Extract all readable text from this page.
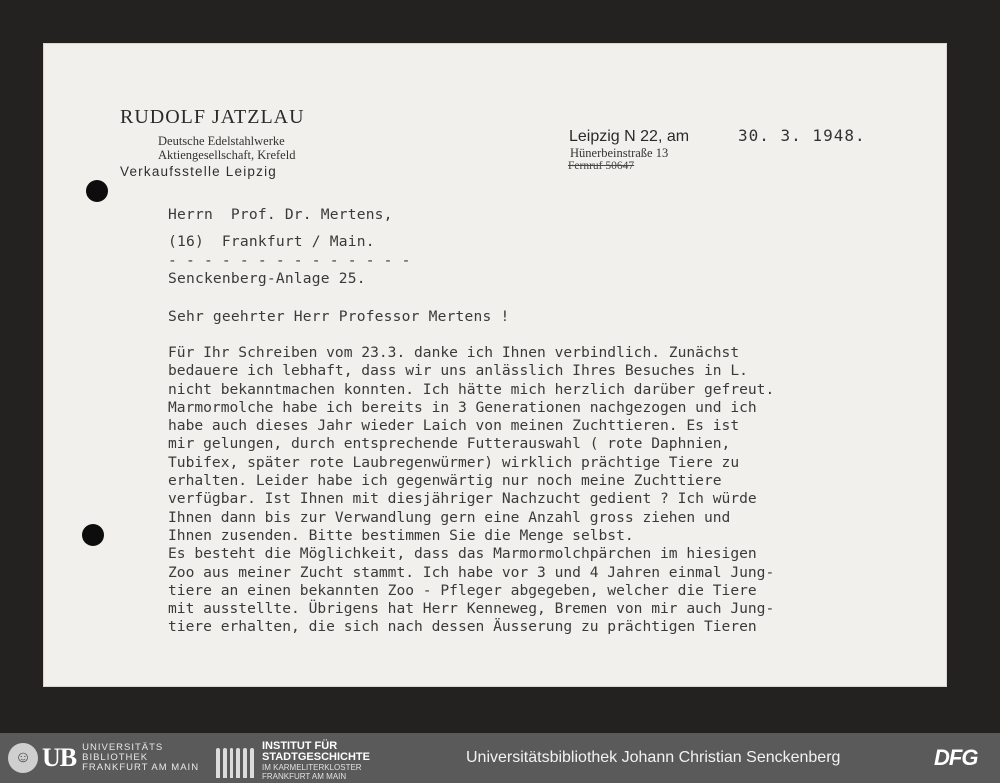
RUDOLF JATZLAU
Deutsche Edelstahlwerke
Aktiengesellschaft, Krefeld
Verkaufsstelle Leipzig
Leipzig N 22, am	30. 3. 1948.
Hünerbeinstraße 13
Fernruf 50647
Herrn  Prof. Dr. Mertens,
(16)  Frankfurt / Main.
- - - - - - - - - - - - - -
Senckenberg-Anlage 25.
Sehr geehrter Herr Professor Mertens !
Für Ihr Schreiben vom 23.3. danke ich Ihnen verbindlich. Zunächst
bedauere ich lebhaft, dass wir uns anlässlich Ihres Besuches in L.
nicht bekanntmachen konnten. Ich hätte mich herzlich darüber gefreut.
Marmormolche habe ich bereits in 3 Generationen nachgezogen und ich
habe auch dieses Jahr wieder Laich von meinen Zuchttieren. Es ist
mir gelungen, durch entsprechende Futterauswahl ( rote Daphnien,
Tubifex, später rote Laubregenwürmer) wirklich prächtige Tiere zu
erhalten. Leider habe ich gegenwärtig nur noch meine Zuchttiere
verfügbar. Ist Ihnen mit diesjähriger Nachzucht gedient ? Ich würde
Ihnen dann bis zur Verwandlung gern eine Anzahl gross ziehen und
Ihnen zusenden. Bitte bestimmen Sie die Menge selbst.
Es besteht die Möglichkeit, dass das Marmormolchpärchen im hiesigen
Zoo aus meiner Zucht stammt. Ich habe vor 3 und 4 Jahren einmal Jung-
tiere an einen bekannten Zoo - Pfleger abgegeben, welcher die Tiere
mit ausstellte. Übrigens hat Herr Kenneweg, Bremen von mir auch Jung-
tiere erhalten, die sich nach dessen Äusserung zu prächtigen Tieren
☺ UB UNIVERSITÄTS
BIBLIOTHEK
FRANKFURT AM MAIN
INSTITUT FÜR
STADTGESCHICHTE
IM KARMELITERKLOSTER
FRANKFURT AM MAIN
Universitätsbibliothek Johann Christian Senckenberg	DFG
